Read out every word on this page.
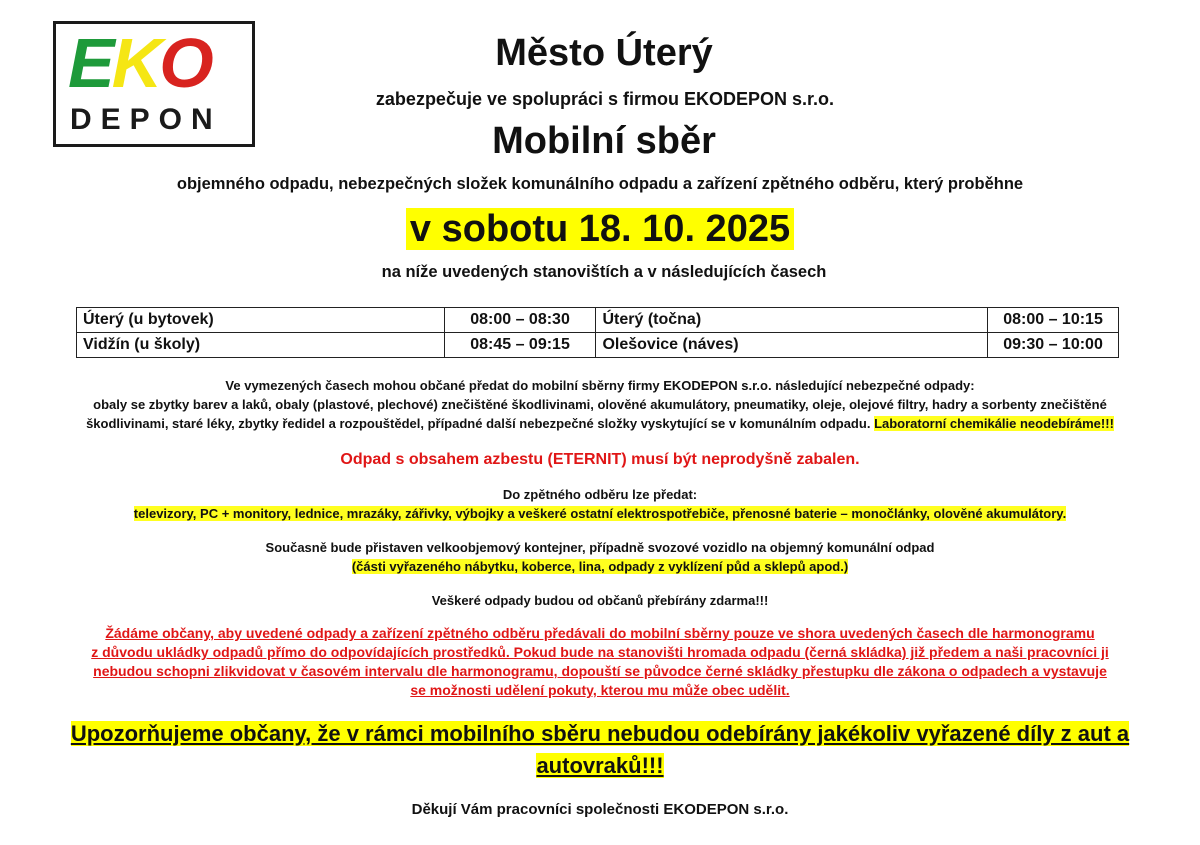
EKO
DEPON
Město Úterý
zabezpečuje ve spolupráci s firmou EKODEPON s.r.o.
Mobilní sběr
objemného odpadu, nebezpečných složek komunálního odpadu a zařízení zpětného odběru, který proběhne
v sobotu 18. 10. 2025
na níže uvedených stanovištích a v následujících časech
Úterý (u bytovek)	08:00 – 08:30	Úterý (točna)	08:00 – 10:15
Vidžín (u školy)	08:45 – 09:15	Olešovice (náves)	09:30 – 10:00
Ve vymezených časech mohou občané předat do mobilní sběrny firmy EKODEPON s.r.o. následující nebezpečné odpady:
obaly se zbytky barev a laků, obaly (plastové, plechové) znečištěné škodlivinami, olověné akumulátory, pneumatiky, oleje, olejové filtry, hadry a sorbenty znečištěné
škodlivinami, staré léky, zbytky ředidel a rozpouštědel, případné další nebezpečné složky vyskytující se v komunálním odpadu. Laboratorní chemikálie neodebíráme!!!
Odpad s obsahem azbestu (ETERNIT) musí být neprodyšně zabalen.
Do zpětného odběru lze předat:
televizory, PC + monitory, lednice, mrazáky, zářivky, výbojky a veškeré ostatní elektrospotřebiče, přenosné baterie – monočlánky, olověné akumulátory.
Současně bude přistaven velkoobjemový kontejner, případně svozové vozidlo na objemný komunální odpad
(části vyřazeného nábytku, koberce, lina, odpady z vyklízení půd a sklepů apod.)
Veškeré odpady budou od občanů přebírány zdarma!!!
Žádáme občany, aby uvedené odpady a zařízení zpětného odběru předávali do mobilní sběrny pouze ve shora uvedených časech dle harmonogramu
z důvodu ukládky odpadů přímo do odpovídajících prostředků. Pokud bude na stanovišti hromada odpadu (černá skládka) již předem a naši pracovníci ji
nebudou schopni zlikvidovat v časovém intervalu dle harmonogramu, dopouští se původce černé skládky přestupku dle zákona o odpadech a vystavuje
se možnosti udělení pokuty, kterou mu může obec udělit.
Upozorňujeme občany, že v rámci mobilního sběru nebudou odebírány jakékoliv vyřazené díly z aut a
autovraků!!!
Děkují Vám pracovníci společnosti EKODEPON s.r.o.
